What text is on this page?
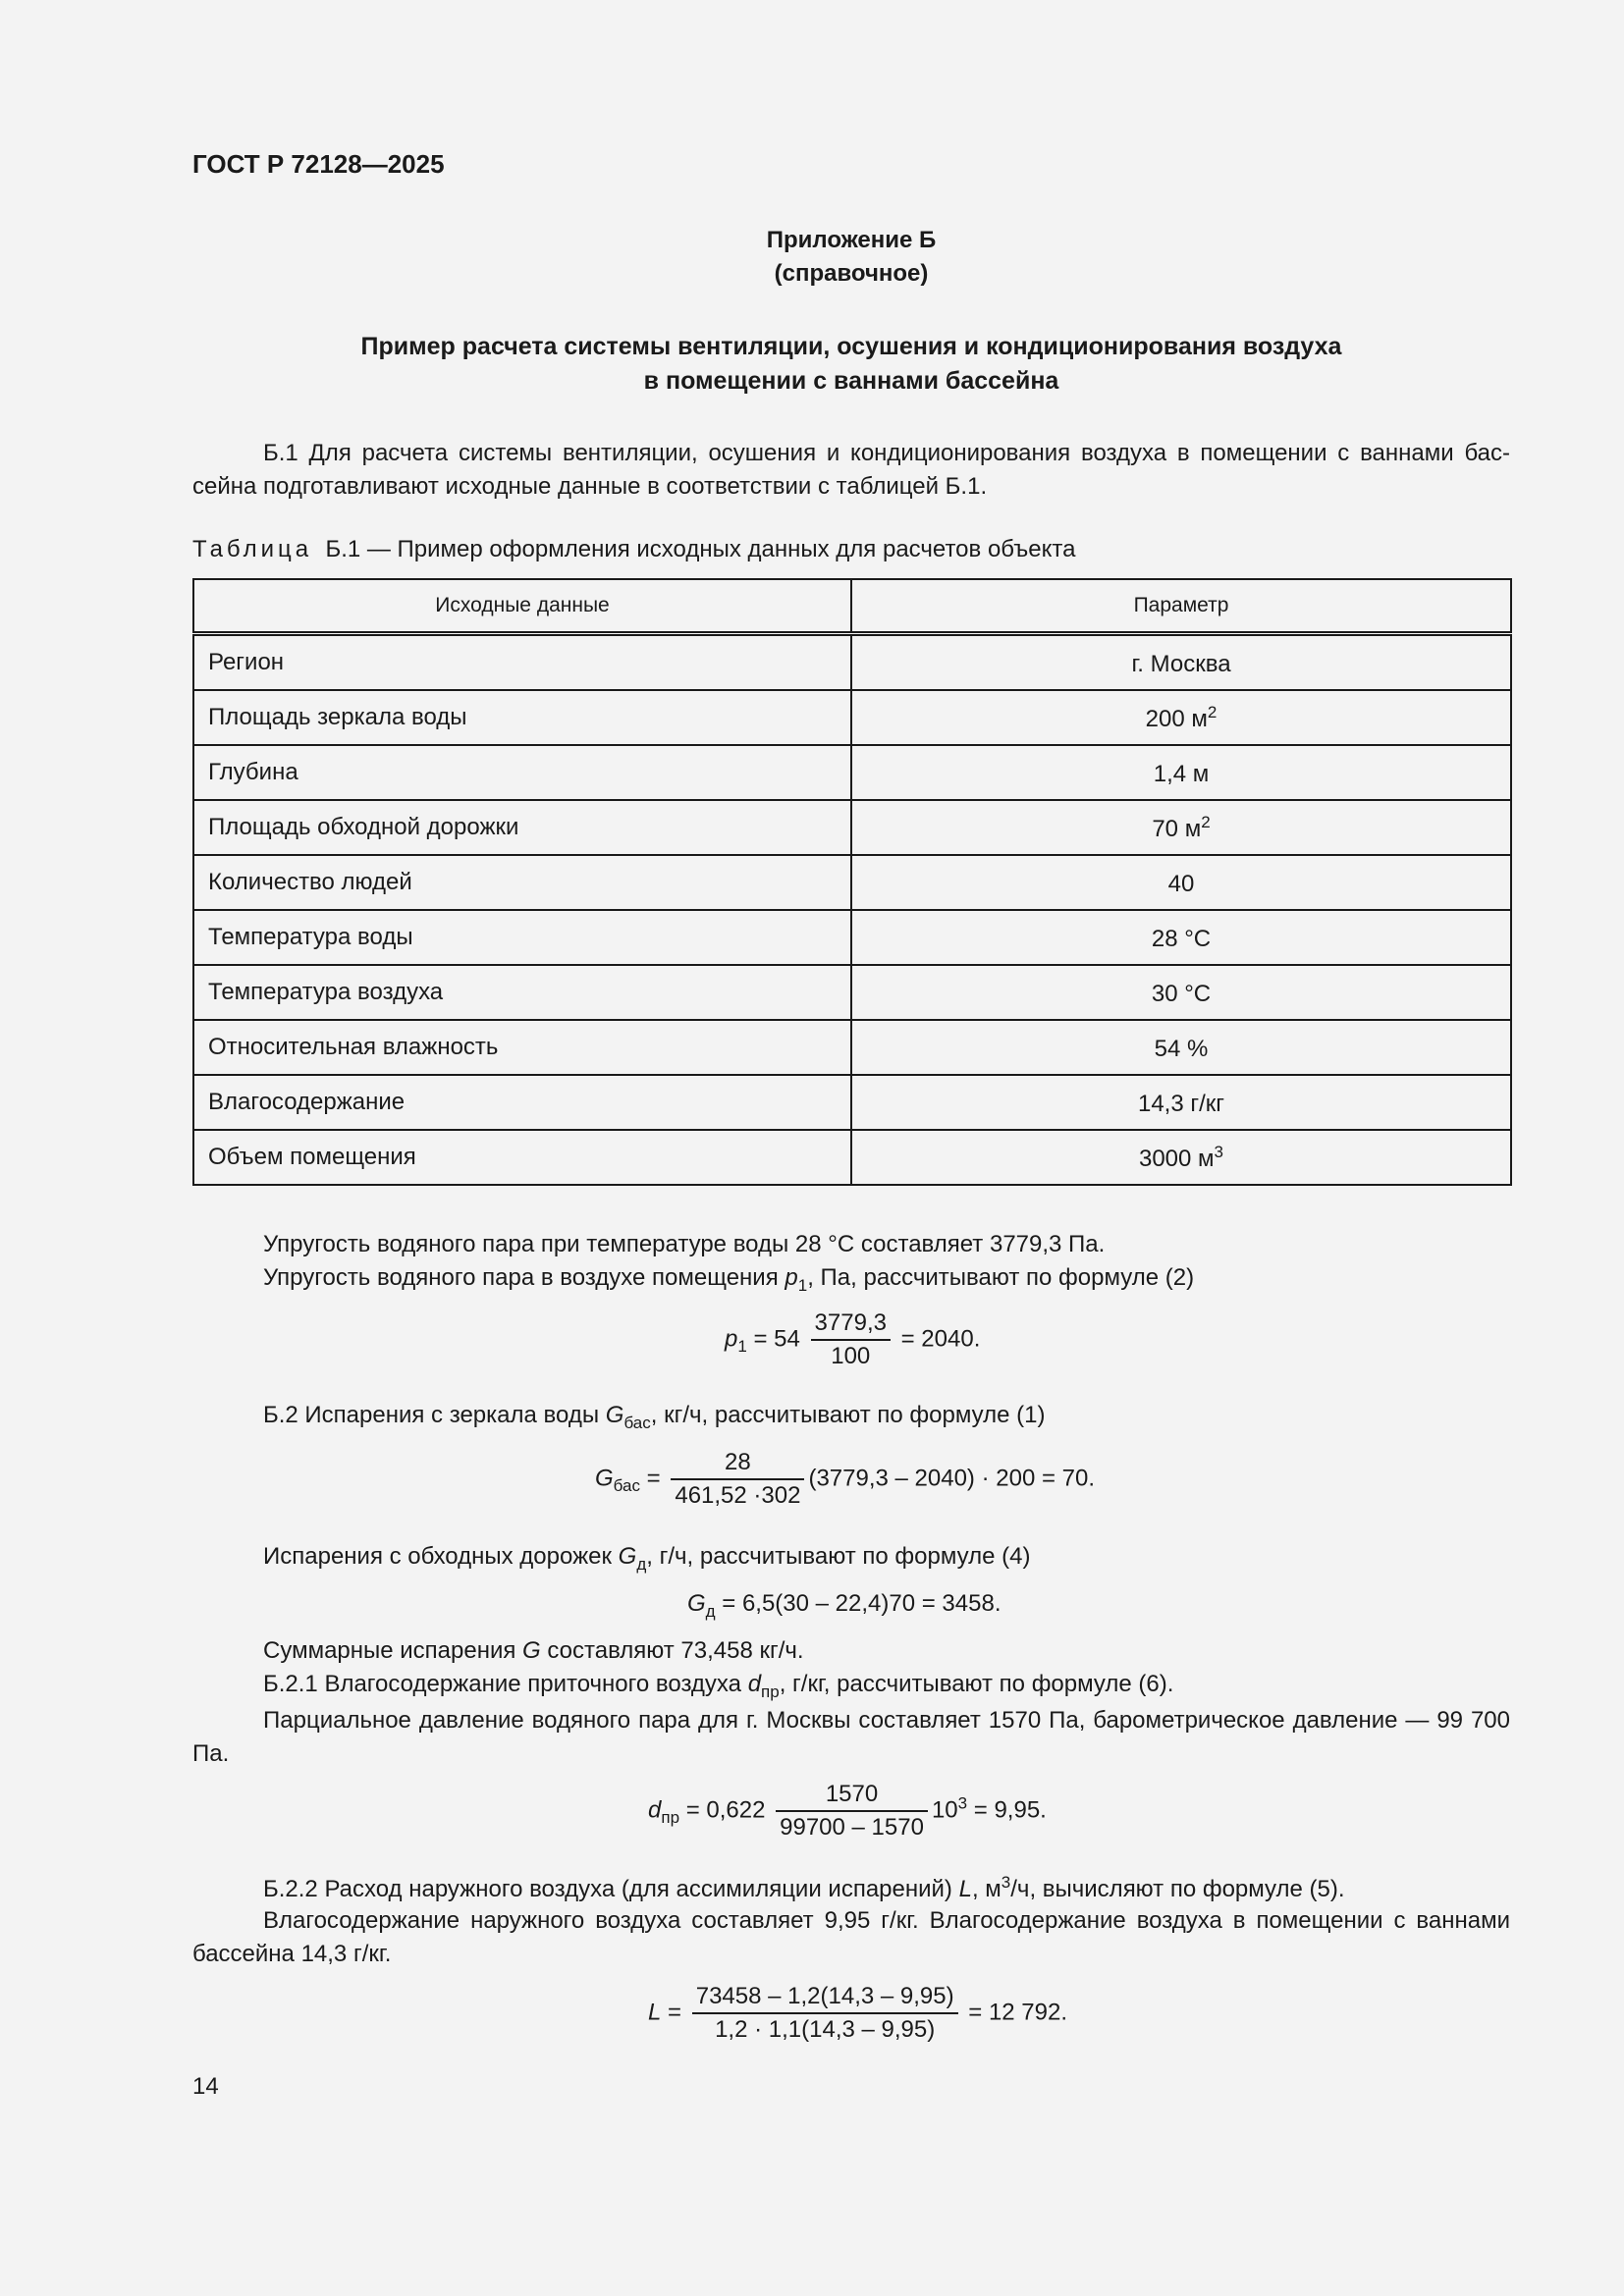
ГОСТ Р 72128—2025
Приложение Б
(справочное)
Пример расчета системы вентиляции, осушения и кондиционирования воздуха
в помещении с ваннами бассейна
Б.1 Для расчета системы вентиляции, осушения и кондиционирования воздуха в помещении с ваннами бассейна подготавливают исходные данные в соответствии с таблицей Б.1.
Таблица Б.1 — Пример оформления исходных данных для расчетов объекта
Исходные данные	Параметр
Регион	г. Москва
Площадь зеркала воды	200 $м^2$
Глубина	1,4 м
Площадь обходной дорожки	70 $м^2$
Количество людей	40
Температура воды	28 °C
Температура воздуха	30 °C
Относительная влажность	54 %
Влагосодержание	14,3 г/кг
Объем помещения	3000 $м^3$
Упругость водяного пара при температуре воды 28 °C составляет 3779,3 Па.
Упругость водяного пара в воздухе помещения $p_1$, Па, рассчитывают по формуле (2)
$p_1 = 54 \frac{3779,3}{100} = 2040$.
Б.2 Испарения с зеркала воды $G_{бас}$, кг/ч, рассчитывают по формуле (1)
$G_{бас} = \frac{28}{461,52 \cdot 302} (3779,3 - 2040) \cdot 200 = 70$.
Испарения с обходных дорожек $G_д$, г/ч, рассчитывают по формуле (4)
$G_д = 6,5(30 - 22,4)70 = 3458$.
Суммарные испарения G составляют 73,458 кг/ч.
Б.2.1 Влагосодержание приточного воздуха $d_{пр}$, г/кг, рассчитывают по формуле (6).
Парциальное давление водяного пара для г. Москвы составляет 1570 Па, барометрическое давление — 99 700 Па.
$d_{пр} = 0,622 \frac{1570}{99700 - 1570} 10^3 = 9,95$.
Б.2.2 Расход наружного воздуха (для ассимиляции испарений) L, $м^3/ч$, вычисляют по формуле (5).
Влагосодержание наружного воздуха составляет 9,95 г/кг. Влагосодержание воздуха в помещении с ваннами бассейна 14,3 г/кг.
$L = \frac{73458 - 1,2(14,3 - 9,95)}{1,2 \cdot 1,1(14,3 - 9,95)} = 12$ 792.
14
